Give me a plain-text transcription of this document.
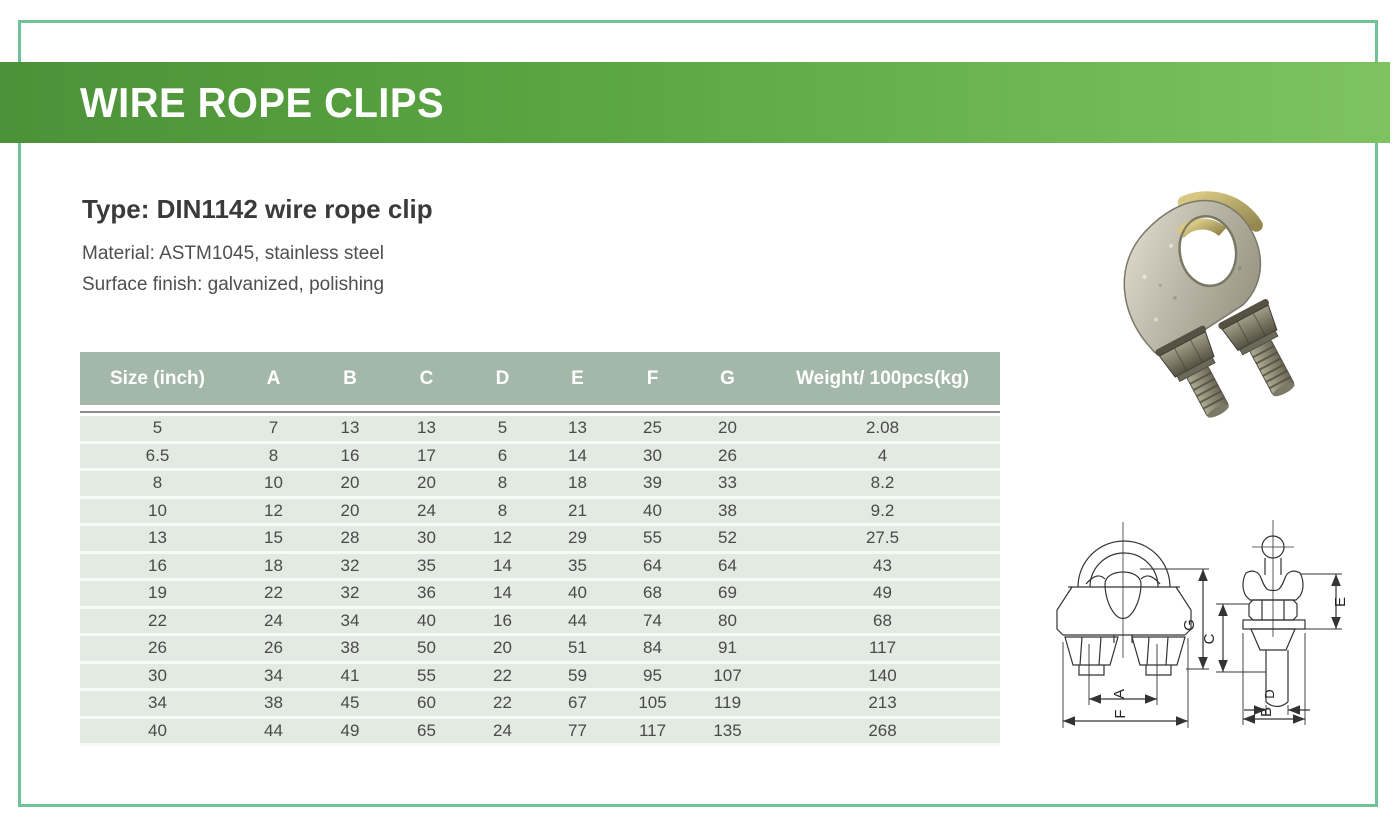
WIRE ROPE CLIPS
Type: DIN1142 wire rope clip

Material: ASTM1045, stainless steel

Surface finish: galvanized, polishing

G
A
F
E
C
D
B
Size (inch)	A	B	C	D	E	F	G	Weight/ 100pcs(kg)
5	7	13	13	5	13	25	20	2.08
6.5	8	16	17	6	14	30	26	4
8	10	20	20	8	18	39	33	8.2
10	12	20	24	8	21	40	38	9.2
13	15	28	30	12	29	55	52	27.5
16	18	32	35	14	35	64	64	43
19	22	32	36	14	40	68	69	49
22	24	34	40	16	44	74	80	68
26	26	38	50	20	51	84	91	117
30	34	41	55	22	59	95	107	140
34	38	45	60	22	67	105	119	213
40	44	49	65	24	77	117	135	268
